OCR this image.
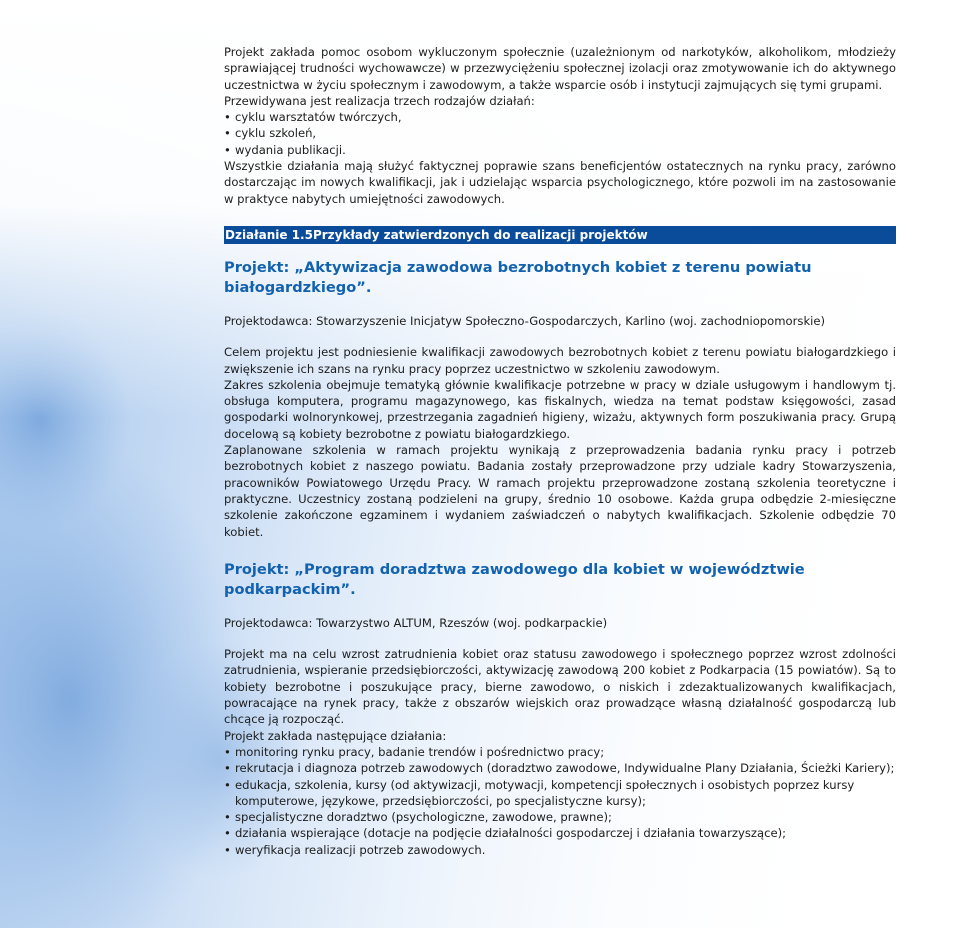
Projekt zakłada pomoc osobom wykluczonym społecznie (uzależnionym od narkotyków, alkoholikom, młodzieży sprawiającej trudności wychowawcze) w przezwyciężeniu społecznej izolacji oraz zmotywowanie ich do aktywnego uczestnictwa w życiu społecznym i zawodowym, a także wsparcie osób i instytucji zajmujących się tymi grupami.

Przewidywana jest realizacja trzech rodzajów działań:

• cyklu warsztatów twórczych,
• cyklu szkoleń,
• wydania publikacji.

Wszystkie działania mają służyć faktycznej poprawie szans beneficjentów ostatecznych na rynku pracy, zarówno dostarczając im nowych kwalifikacji, jak i udzielając wsparcia psychologicznego, które pozwoli im na zastosowanie w praktyce nabytych umiejętności zawodowych.

Działanie 1.5Przykłady zatwierdzonych do realizacji projektów
Projekt: „Aktywizacja zawodowa bezrobotnych kobiet z terenu powiatu białogardzkiego”.

Projektodawca: Stowarzyszenie Inicjatyw Społeczno-Gospodarczych, Karlino (woj. zachodniopomorskie)

Celem projektu jest podniesienie kwalifikacji zawodowych bezrobotnych kobiet z terenu powiatu białogardzkiego i zwiększenie ich szans na rynku pracy poprzez uczestnictwo w szkoleniu zawodowym.

Zakres szkolenia obejmuje tematyką głównie kwalifikacje potrzebne w pracy w dziale usługowym i handlowym tj. obsługa komputera, programu magazynowego, kas fiskalnych, wiedza na temat podstaw księgowości, zasad gospodarki wolnorynkowej, przestrzegania zagadnień higieny, wizażu, aktywnych form poszukiwania pracy. Grupą docelową są kobiety bezrobotne z powiatu białogardzkiego.

Zaplanowane szkolenia w ramach projektu wynikają z przeprowadzenia badania rynku pracy i potrzeb bezrobotnych kobiet z naszego powiatu. Badania zostały przeprowadzone przy udziale kadry Stowarzyszenia, pracowników Powiatowego Urzędu Pracy. W ramach projektu przeprowadzone zostaną szkolenia teoretyczne i praktyczne. Uczestnicy zostaną podzieleni na grupy, średnio 10 osobowe. Każda grupa odbędzie 2-miesięczne szkolenie zakończone egzaminem i wydaniem zaświadczeń o nabytych kwalifikacjach. Szkolenie odbędzie 70 kobiet.

Projekt: „Program doradztwa zawodowego dla kobiet w województwie podkarpackim”.

Projektodawca: Towarzystwo ALTUM, Rzeszów (woj. podkarpackie)

Projekt ma na celu wzrost zatrudnienia kobiet oraz statusu zawodowego i społecznego poprzez wzrost zdolności zatrudnienia, wspieranie przedsiębiorczości, aktywizację zawodową 200 kobiet z Podkarpacia (15 powiatów). Są to kobiety bezrobotne i poszukujące pracy, bierne zawodowo, o niskich i zdezaktualizowanych kwalifikacjach, powracające na rynek pracy, także z obszarów wiejskich oraz prowadzące własną działalność gospodarczą lub chcące ją rozpocząć.

Projekt zakłada następujące działania:

• monitoring rynku pracy, badanie trendów i pośrednictwo pracy;
• rekrutacja i diagnoza potrzeb zawodowych (doradztwo zawodowe, Indywidualne Plany Działania, Ścieżki Kariery);
• edukacja, szkolenia, kursy (od aktywizacji, motywacji, kompetencji społecznych i osobistych poprzez kursy komputerowe, językowe, przedsiębiorczości, po specjalistyczne kursy);
• specjalistyczne doradztwo (psychologiczne, zawodowe, prawne);
• działania wspierające (dotacje na podjęcie działalności gospodarczej i działania towarzyszące);
• weryfikacja realizacji potrzeb zawodowych.
